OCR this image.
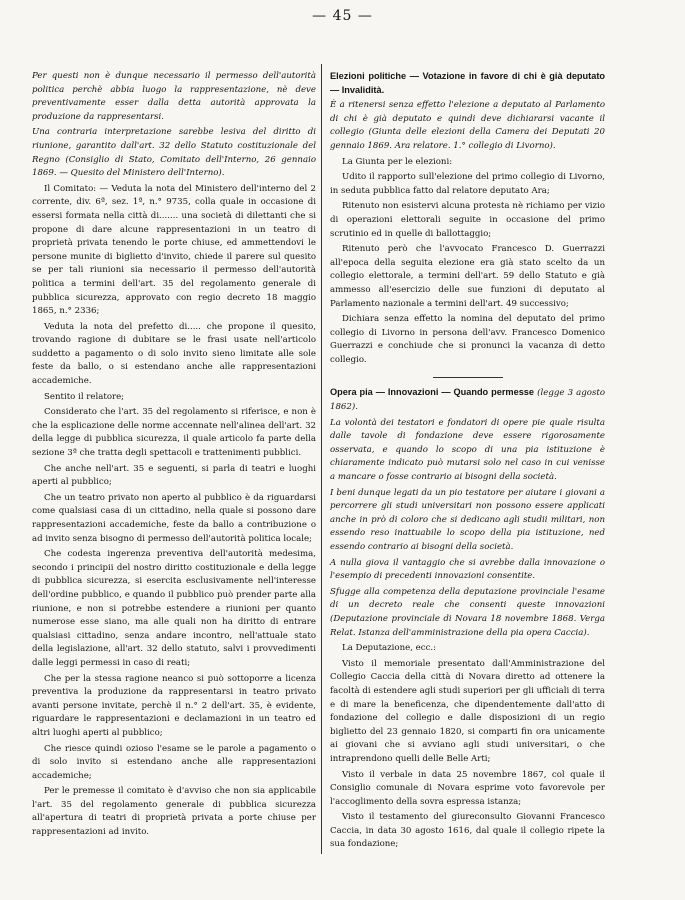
— 45 —

Per questi non è dunque necessario il permesso dell'autorità politica perchè abbia luogo la rappresentazione, nè deve preventivamente esser dalla detta autorità approvata la produzione da rappresentarsi.

Una contraria interpretazione sarebbe lesiva del diritto di riunione, garantito dall'art. 32 dello Statuto costituzionale del Regno (Consiglio di Stato, Comitato dell'Interno, 26 gennaio 1869. — Quesito del Ministero dell'Interno).

Il Comitato: — Veduta la nota del Ministero dell'interno del 2 corrente, div. 6ª, sez. 1ª, n.° 9735, colla quale in occasione di essersi formata nella città di....... una società di dilettanti che si propone di dare alcune rappresentazioni in un teatro di proprietà privata tenendo le porte chiuse, ed ammettendovi le persone munite di biglietto d'invito, chiede il parere sul quesito se per tali riunioni sia necessario il permesso dell'autorità politica a termini dell'art. 35 del regolamento generale di pubblica sicurezza, approvato con regio decreto 18 maggio 1865, n.° 2336;

Veduta la nota del prefetto di..... che propone il quesito, trovando ragione di dubitare se le frasi usate nell'articolo suddetto a pagamento o di solo invito sieno limitate alle sole feste da ballo, o si estendano anche alle rappresentazioni accademiche.

Sentito il relatore;

Considerato che l'art. 35 del regolamento si riferisce, e non è che la esplicazione delle norme accennate nell'alinea dell'art. 32 della legge di pubblica sicurezza, il quale articolo fa parte della sezione 3ª che tratta degli spettacoli e trattenimenti pubblici.

Che anche nell'art. 35 e seguenti, si parla di teatri e luoghi aperti al pubblico;

Che un teatro privato non aperto al pubblico è da riguardarsi come qualsiasi casa di un cittadino, nella quale si possono dare rappresentazioni accademiche, feste da ballo a contribuzione o ad invito senza bisogno di permesso dell'autorità politica locale;

Che codesta ingerenza preventiva dell'autorità medesima, secondo i principii del nostro diritto costituzionale e della legge di pubblica sicurezza, si esercita esclusivamente nell'interesse dell'ordine pubblico, e quando il pubblico può prender parte alla riunione, e non si potrebbe estendere a riunioni per quanto numerose esse siano, ma alle quali non ha diritto di entrare qualsiasi cittadino, senza andare incontro, nell'attuale stato della legislazione, all'art. 32 dello statuto, salvi i provvedimenti dalle leggi permessi in caso di reati;

Che per la stessa ragione neanco si può sottoporre a licenza preventiva la produzione da rappresentarsi in teatro privato avanti persone invitate, perchè il n.° 2 dell'art. 35, è evidente, riguardare le rappresentazioni e declamazioni in un teatro ed altri luoghi aperti al pubblico;

Che riesce quindi ozioso l'esame se le parole a pagamento o di solo invito si estendano anche alle rappresentazioni accademiche;

Per le premesse il comitato è d'avviso che non sia applicabile l'art. 35 del regolamento generale di pubblica sicurezza all'apertura di teatri di proprietà privata a porte chiuse per rappresentazioni ad invito.

Elezioni politiche — Votazione in favore di chi è già deputato — Invalidità.

È a ritenersi senza effetto l'elezione a deputato al Parlamento di chi è già deputato e quindi deve dichiararsi vacante il collegio (Giunta delle elezioni della Camera dei Deputati 20 gennaio 1869. Ara relatore. 1.° collegio di Livorno).

La Giunta per le elezioni:

Udito il rapporto sull'elezione del primo collegio di Livorno, in seduta pubblica fatto dal relatore deputato Ara;

Ritenuto non esistervi alcuna protesta nè richiamo per vizio di operazioni elettorali seguite in occasione del primo scrutinio ed in quelle di ballottaggio;

Ritenuto però che l'avvocato Francesco D. Guerrazzi all'epoca della seguita elezione era già stato scelto da un collegio elettorale, a termini dell'art. 59 dello Statuto e già ammesso all'esercizio delle sue funzioni di deputato al Parlamento nazionale a termini dell'art. 49 successivo;

Dichiara senza effetto la nomina del deputato del primo collegio di Livorno in persona dell'avv. Francesco Domenico Guerrazzi e conchiude che si pronunci la vacanza di detto collegio.

Opera pia — Innovazioni — Quando permesse (legge 3 agosto 1862).

La volontà dei testatori e fondatori di opere pie quale risulta dalle tavole di fondazione deve essere rigorosamente osservata, e quando lo scopo di una pia istituzione è chiaramente indicato può mutarsi solo nel caso in cui venisse a mancare o fosse contrario ai bisogni della società.

I beni dunque legati da un pio testatore per aiutare i giovani a percorrere gli studi universitari non possono essere applicati anche in prò di coloro che si dedicano agli studii militari, non essendo reso inattuabile lo scopo della pia istituzione, ned essendo contrario ai bisogni della società.

A nulla giova il vantaggio che si avrebbe dalla innovazione o l'esempio di precedenti innovazioni consentite.

Sfugge alla competenza della deputazione provinciale l'esame di un decreto reale che consenti queste innovazioni (Deputazione provinciale di Novara 18 novembre 1868. Verga Relat. Istanza dell'amministrazione della pia opera Caccia).

La Deputazione, ecc.:

Visto il memoriale presentato dall'Amministrazione del Collegio Caccia della città di Novara diretto ad ottenere la facoltà di estendere agli studi superiori per gli ufficiali di terra e di mare la beneficenza, che dipendentemente dall'atto di fondazione del collegio e dalle disposizioni di un regio biglietto del 23 gennaio 1820, si comparti fin ora unicamente ai giovani che si avviano agli studi universitari, o che intraprendono quelli delle Belle Arti;

Visto il verbale in data 25 novembre 1867, col quale il Consiglio comunale di Novara esprime voto favorevole per l'accoglimento della sovra espressa istanza;

Visto il testamento del giureconsulto Giovanni Francesco Caccia, in data 30 agosto 1616, dal quale il collegio ripete la sua fondazione;
